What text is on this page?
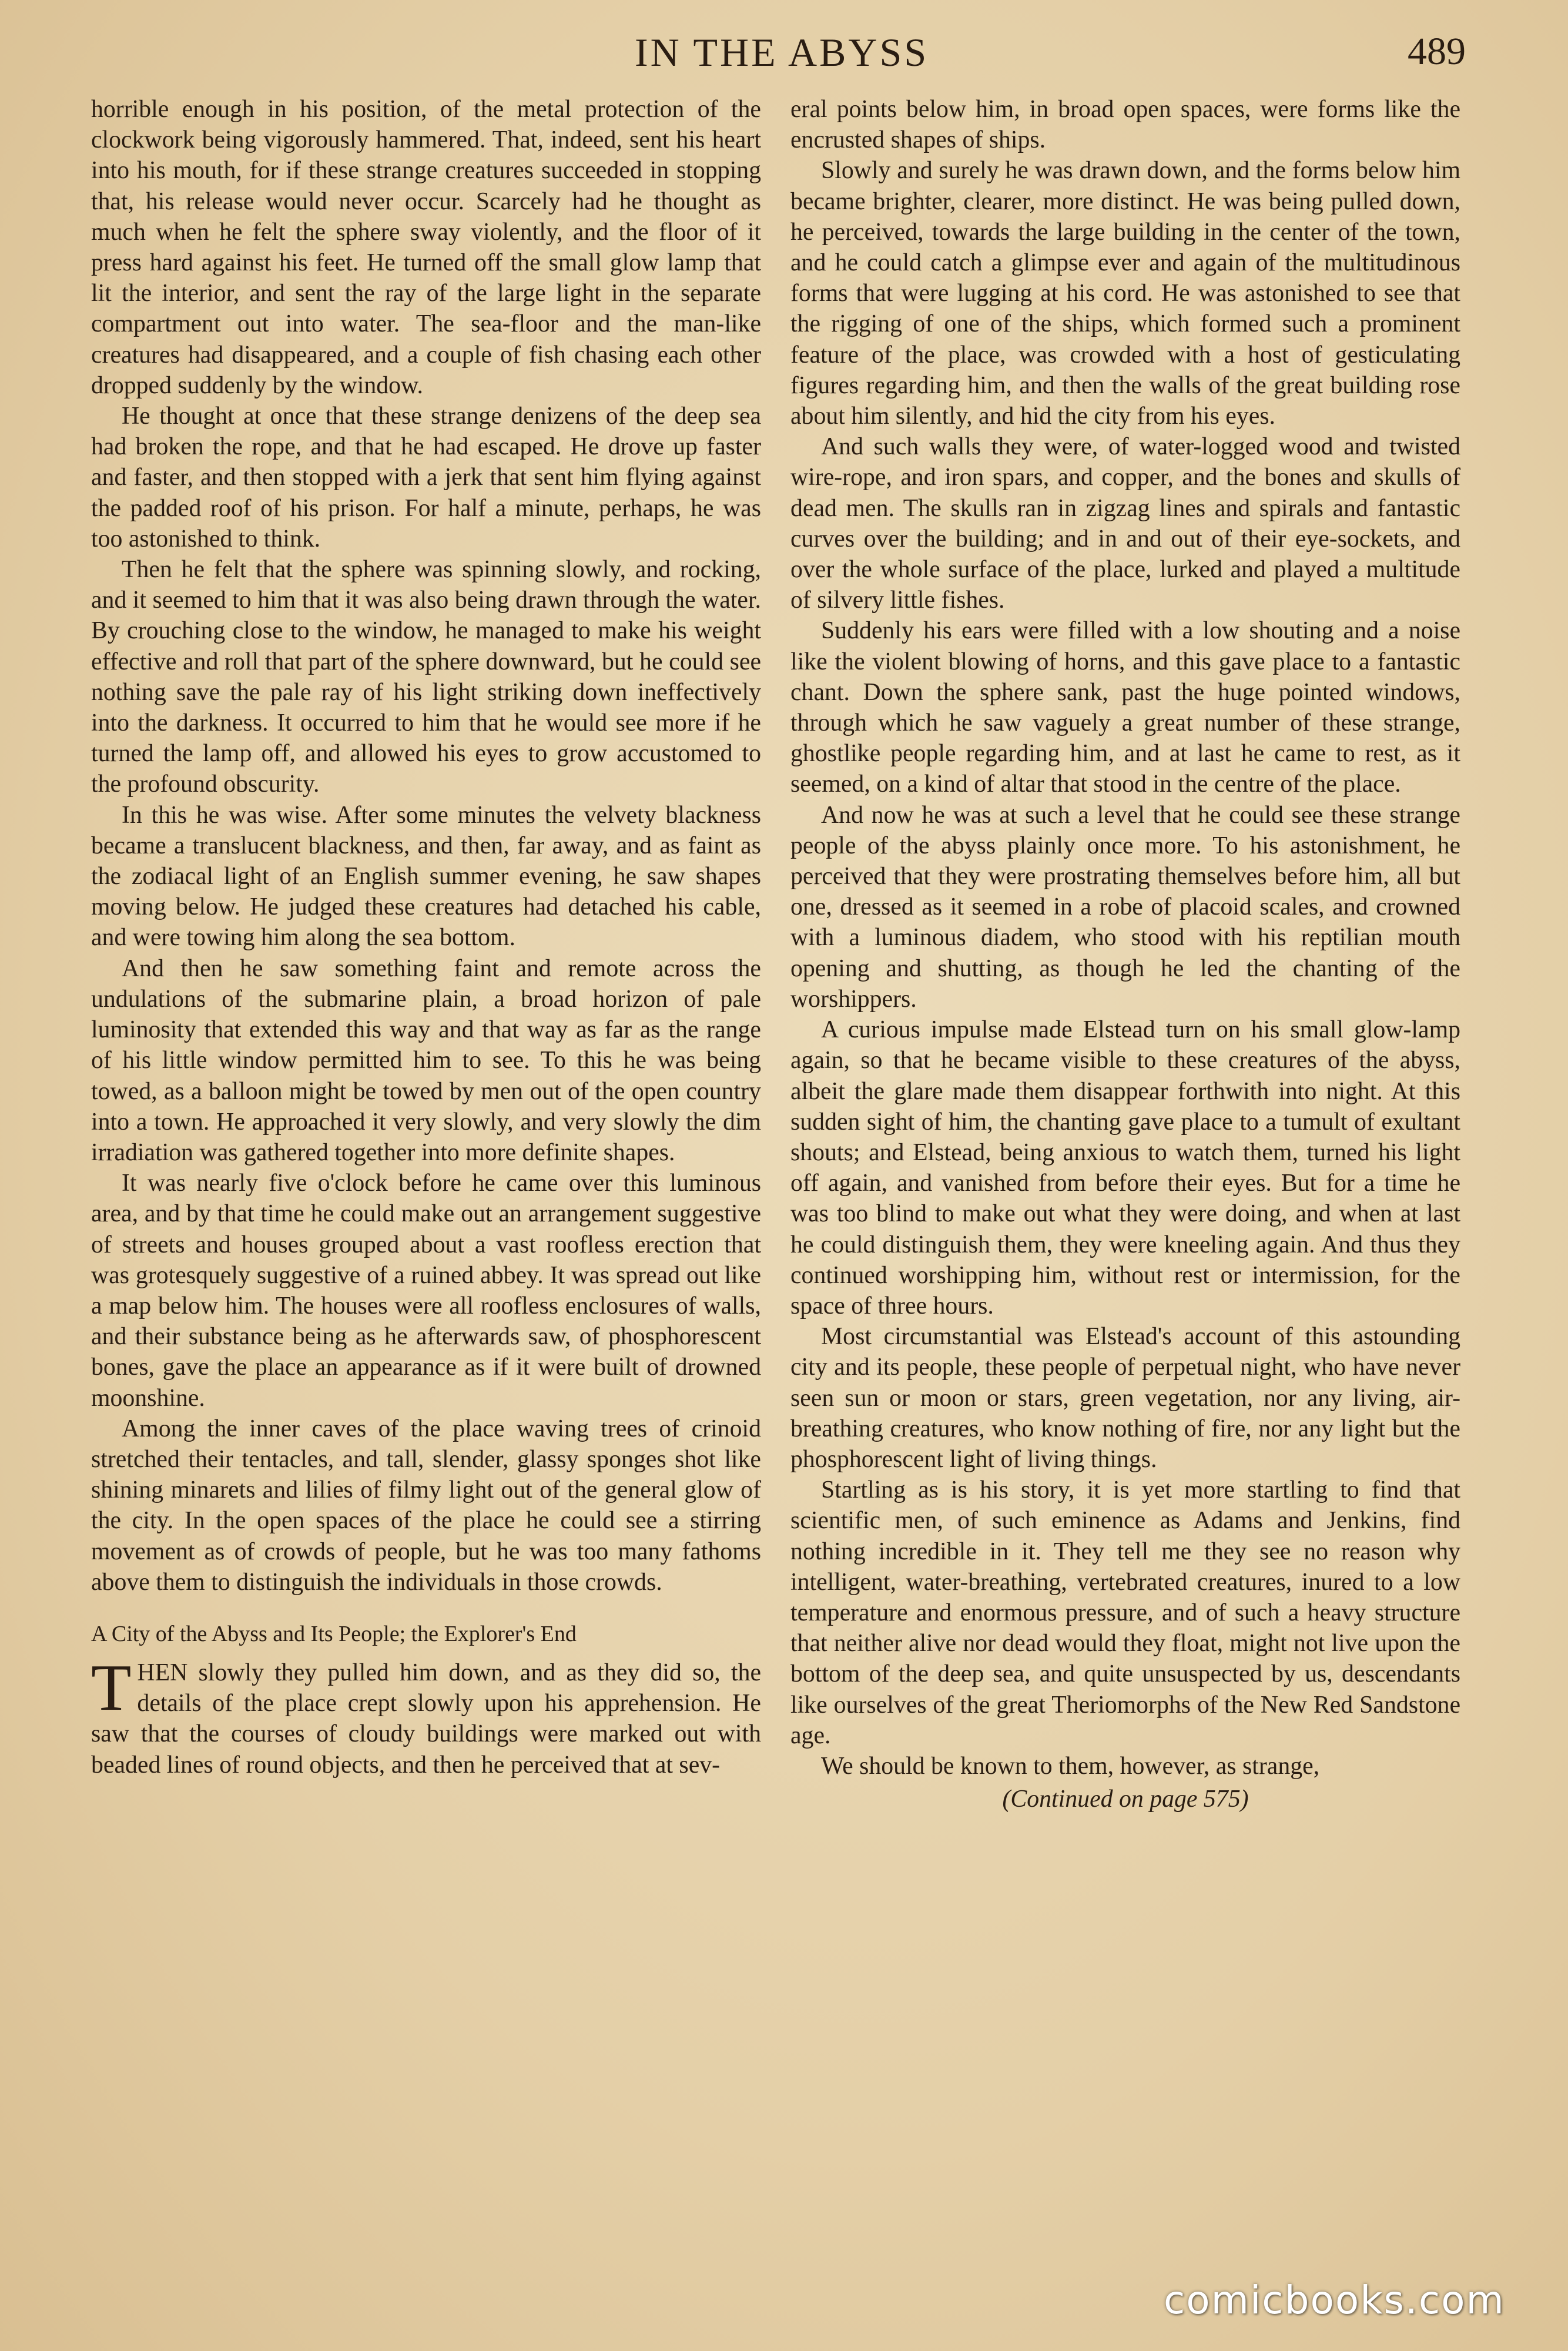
IN THE ABYSS	489

horrible enough in his position, of the metal protection of the clockwork being vigorously hammered. That, indeed, sent his heart into his mouth, for if these strange creatures succeeded in stopping that, his release would never occur. Scarcely had he thought as much when he felt the sphere sway violently, and the floor of it press hard against his feet. He turned off the small glow lamp that lit the interior, and sent the ray of the large light in the separate compartment out into water. The sea-floor and the man-like creatures had disappeared, and a couple of fish chasing each other dropped suddenly by the window.

He thought at once that these strange denizens of the deep sea had broken the rope, and that he had escaped. He drove up faster and faster, and then stopped with a jerk that sent him flying against the padded roof of his prison. For half a minute, perhaps, he was too astonished to think.

Then he felt that the sphere was spinning slowly, and rocking, and it seemed to him that it was also being drawn through the water. By crouching close to the window, he managed to make his weight effective and roll that part of the sphere downward, but he could see nothing save the pale ray of his light striking down ineffectively into the darkness. It occurred to him that he would see more if he turned the lamp off, and allowed his eyes to grow accustomed to the profound obscurity.

In this he was wise. After some minutes the velvety blackness became a translucent blackness, and then, far away, and as faint as the zodiacal light of an English summer evening, he saw shapes moving below. He judged these creatures had detached his cable, and were towing him along the sea bottom.

And then he saw something faint and remote across the undulations of the submarine plain, a broad horizon of pale luminosity that extended this way and that way as far as the range of his little window permitted him to see. To this he was being towed, as a balloon might be towed by men out of the open country into a town. He approached it very slowly, and very slowly the dim irradiation was gathered together into more definite shapes.

It was nearly five o'clock before he came over this luminous area, and by that time he could make out an arrangement suggestive of streets and houses grouped about a vast roofless erection that was grotesquely suggestive of a ruined abbey. It was spread out like a map below him. The houses were all roofless enclosures of walls, and their substance being as he afterwards saw, of phosphorescent bones, gave the place an appearance as if it were built of drowned moonshine.

Among the inner caves of the place waving trees of crinoid stretched their tentacles, and tall, slender, glassy sponges shot like shining minarets and lilies of filmy light out of the general glow of the city. In the open spaces of the place he could see a stirring movement as of crowds of people, but he was too many fathoms above them to distinguish the individuals in those crowds.

A City of the Abyss and Its People; the Explorer's End

THEN slowly they pulled him down, and as they did so, the details of the place crept slowly upon his apprehension. He saw that the courses of cloudy buildings were marked out with beaded lines of round objects, and then he perceived that at sev-

eral points below him, in broad open spaces, were forms like the encrusted shapes of ships.

Slowly and surely he was drawn down, and the forms below him became brighter, clearer, more distinct. He was being pulled down, he perceived, towards the large building in the center of the town, and he could catch a glimpse ever and again of the multitudinous forms that were lugging at his cord. He was astonished to see that the rigging of one of the ships, which formed such a prominent feature of the place, was crowded with a host of gesticulating figures regarding him, and then the walls of the great building rose about him silently, and hid the city from his eyes.

And such walls they were, of water-logged wood and twisted wire-rope, and iron spars, and copper, and the bones and skulls of dead men. The skulls ran in zigzag lines and spirals and fantastic curves over the building; and in and out of their eye-sockets, and over the whole surface of the place, lurked and played a multitude of silvery little fishes.

Suddenly his ears were filled with a low shouting and a noise like the violent blowing of horns, and this gave place to a fantastic chant. Down the sphere sank, past the huge pointed windows, through which he saw vaguely a great number of these strange, ghostlike people regarding him, and at last he came to rest, as it seemed, on a kind of altar that stood in the centre of the place.

And now he was at such a level that he could see these strange people of the abyss plainly once more. To his astonishment, he perceived that they were prostrating themselves before him, all but one, dressed as it seemed in a robe of placoid scales, and crowned with a luminous diadem, who stood with his reptilian mouth opening and shutting, as though he led the chanting of the worshippers.

A curious impulse made Elstead turn on his small glow-lamp again, so that he became visible to these creatures of the abyss, albeit the glare made them disappear forthwith into night. At this sudden sight of him, the chanting gave place to a tumult of exultant shouts; and Elstead, being anxious to watch them, turned his light off again, and vanished from before their eyes. But for a time he was too blind to make out what they were doing, and when at last he could distinguish them, they were kneeling again. And thus they continued worshipping him, without rest or intermission, for the space of three hours.

Most circumstantial was Elstead's account of this astounding city and its people, these people of perpetual night, who have never seen sun or moon or stars, green vegetation, nor any living, air-breathing creatures, who know nothing of fire, nor any light but the phosphorescent light of living things.

Startling as is his story, it is yet more startling to find that scientific men, of such eminence as Adams and Jenkins, find nothing incredible in it. They tell me they see no reason why intelligent, water-breathing, vertebrated creatures, inured to a low temperature and enormous pressure, and of such a heavy structure that neither alive nor dead would they float, might not live upon the bottom of the deep sea, and quite unsuspected by us, descendants like ourselves of the great Theriomorphs of the New Red Sandstone age.

We should be known to them, however, as strange,

(Continued on page 575)
comicbooks.com
